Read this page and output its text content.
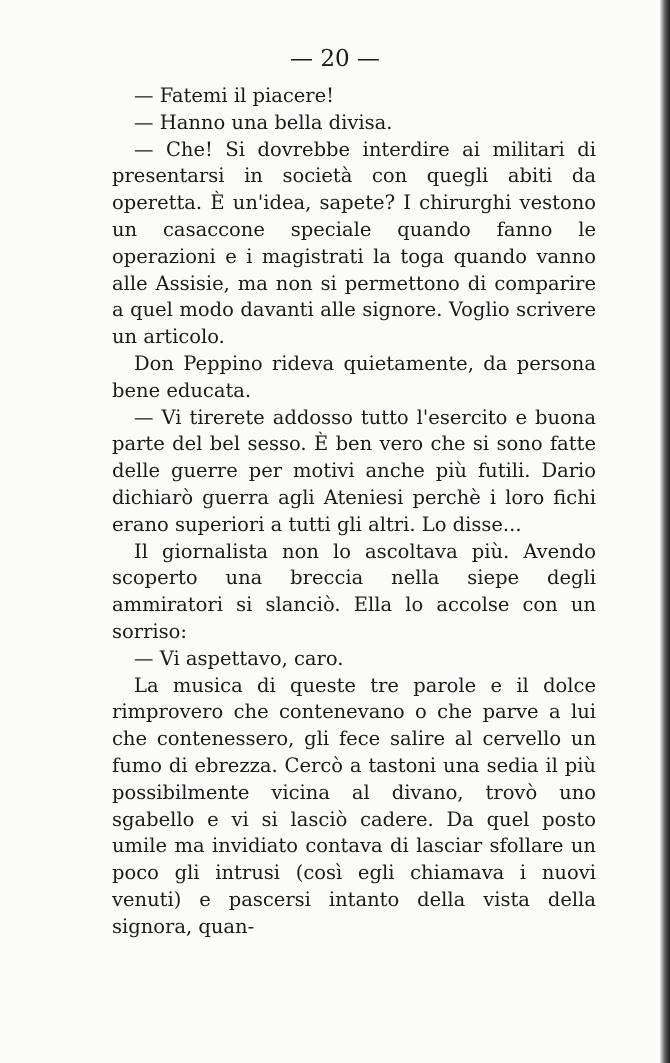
— 20 —

— Fatemi il piacere!

— Hanno una bella divisa.

— Che! Si dovrebbe interdire ai militari di presentarsi in società con quegli abiti da operetta. È un'idea, sapete? I chirurghi vestono un casaccone speciale quando fanno le operazioni e i magistrati la toga quando vanno alle Assisie, ma non si permettono di comparire a quel modo davanti alle signore. Voglio scrivere un articolo.

Don Peppino rideva quietamente, da persona bene educata.

— Vi tirerete addosso tutto l'esercito e buona parte del bel sesso. È ben vero che si sono fatte delle guerre per motivi anche più futili. Dario dichiarò guerra agli Ateniesi perchè i loro fichi erano superiori a tutti gli altri. Lo disse...

Il giornalista non lo ascoltava più. Avendo scoperto una breccia nella siepe degli ammiratori si slanciò. Ella lo accolse con un sorriso:

— Vi aspettavo, caro.

La musica di queste tre parole e il dolce rimprovero che contenevano o che parve a lui che contenessero, gli fece salire al cervello un fumo di ebrezza. Cercò a tastoni una sedia il più possibilmente vicina al divano, trovò uno sgabello e vi si lasciò cadere. Da quel posto umile ma invidiato contava di lasciar sfollare un poco gli intrusi (così egli chiamava i nuovi venuti) e pascersi intanto della vista della signora, quan-
